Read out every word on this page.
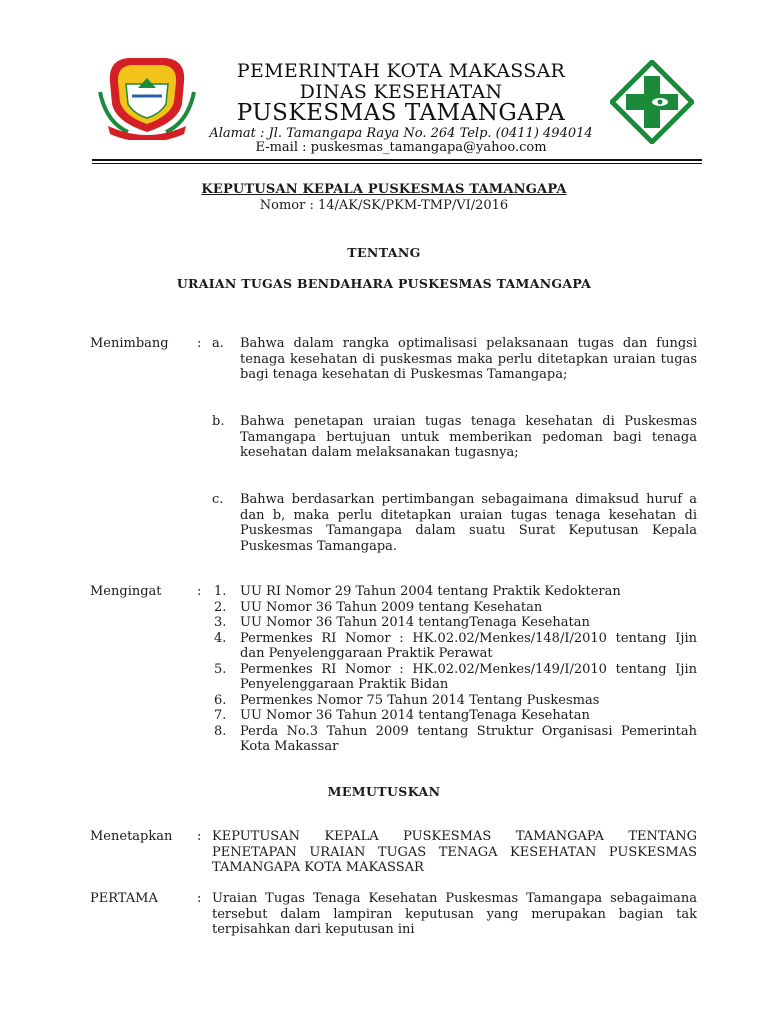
PEMERINTAH KOTA MAKASSAR
DINAS KESEHATAN
PUSKESMAS TAMANGAPA
Alamat : Jl. Tamangapa Raya No. 264 Telp. (0411) 494014
E-mail : puskesmas_tamangapa@yahoo.com
KEPUTUSAN KEPALA PUSKESMAS TAMANGAPA
Nomor : 14/AK/SK/PKM-TMP/VI/2016
TENTANG
URAIAN TUGAS BENDAHARA PUSKESMAS TAMANGAPA
Menimbang : a. Bahwa dalam rangka optimalisasi pelaksanaan tugas dan fungsi tenaga kesehatan di puskesmas maka perlu ditetapkan uraian tugas bagi tenaga kesehatan di Puskesmas Tamangapa;
b. Bahwa penetapan uraian tugas tenaga kesehatan di Puskesmas Tamangapa bertujuan untuk memberikan pedoman bagi tenaga kesehatan dalam melaksanakan tugasnya;
c. Bahwa berdasarkan pertimbangan sebagaimana dimaksud huruf a dan b, maka perlu ditetapkan uraian tugas tenaga kesehatan di Puskesmas Tamangapa dalam suatu Surat Keputusan Kepala Puskesmas Tamangapa.
Mengingat	: 1. UU RI Nomor 29 Tahun 2004 tentang Praktik Kedokteran
2. UU Nomor 36 Tahun 2009 tentang Kesehatan
3. UU Nomor 36 Tahun 2014 tentangTenaga Kesehatan
4. Permenkes RI Nomor : HK.02.02/Menkes/148/I/2010 tentang Ijin dan Penyelenggaraan Praktik Perawat
5. Permenkes RI Nomor : HK.02.02/Menkes/149/I/2010 tentang Ijin Penyelenggaraan Praktik Bidan
6. Permenkes Nomor 75 Tahun 2014 Tentang Puskesmas
7. UU Nomor 36 Tahun 2014 tentangTenaga Kesehatan
8. Perda No.3 Tahun 2009 tentang Struktur Organisasi Pemerintah Kota Makassar
MEMUTUSKAN
Menetapkan : KEPUTUSAN KEPALA PUSKESMAS TAMANGAPA TENTANG PENETAPAN URAIAN TUGAS TENAGA KESEHATAN PUSKESMAS TAMANGAPA KOTA MAKASSAR
PERTAMA	: Uraian Tugas Tenaga Kesehatan Puskesmas Tamangapa sebagaimana tersebut dalam lampiran keputusan yang merupakan bagian tak terpisahkan dari keputusan ini
